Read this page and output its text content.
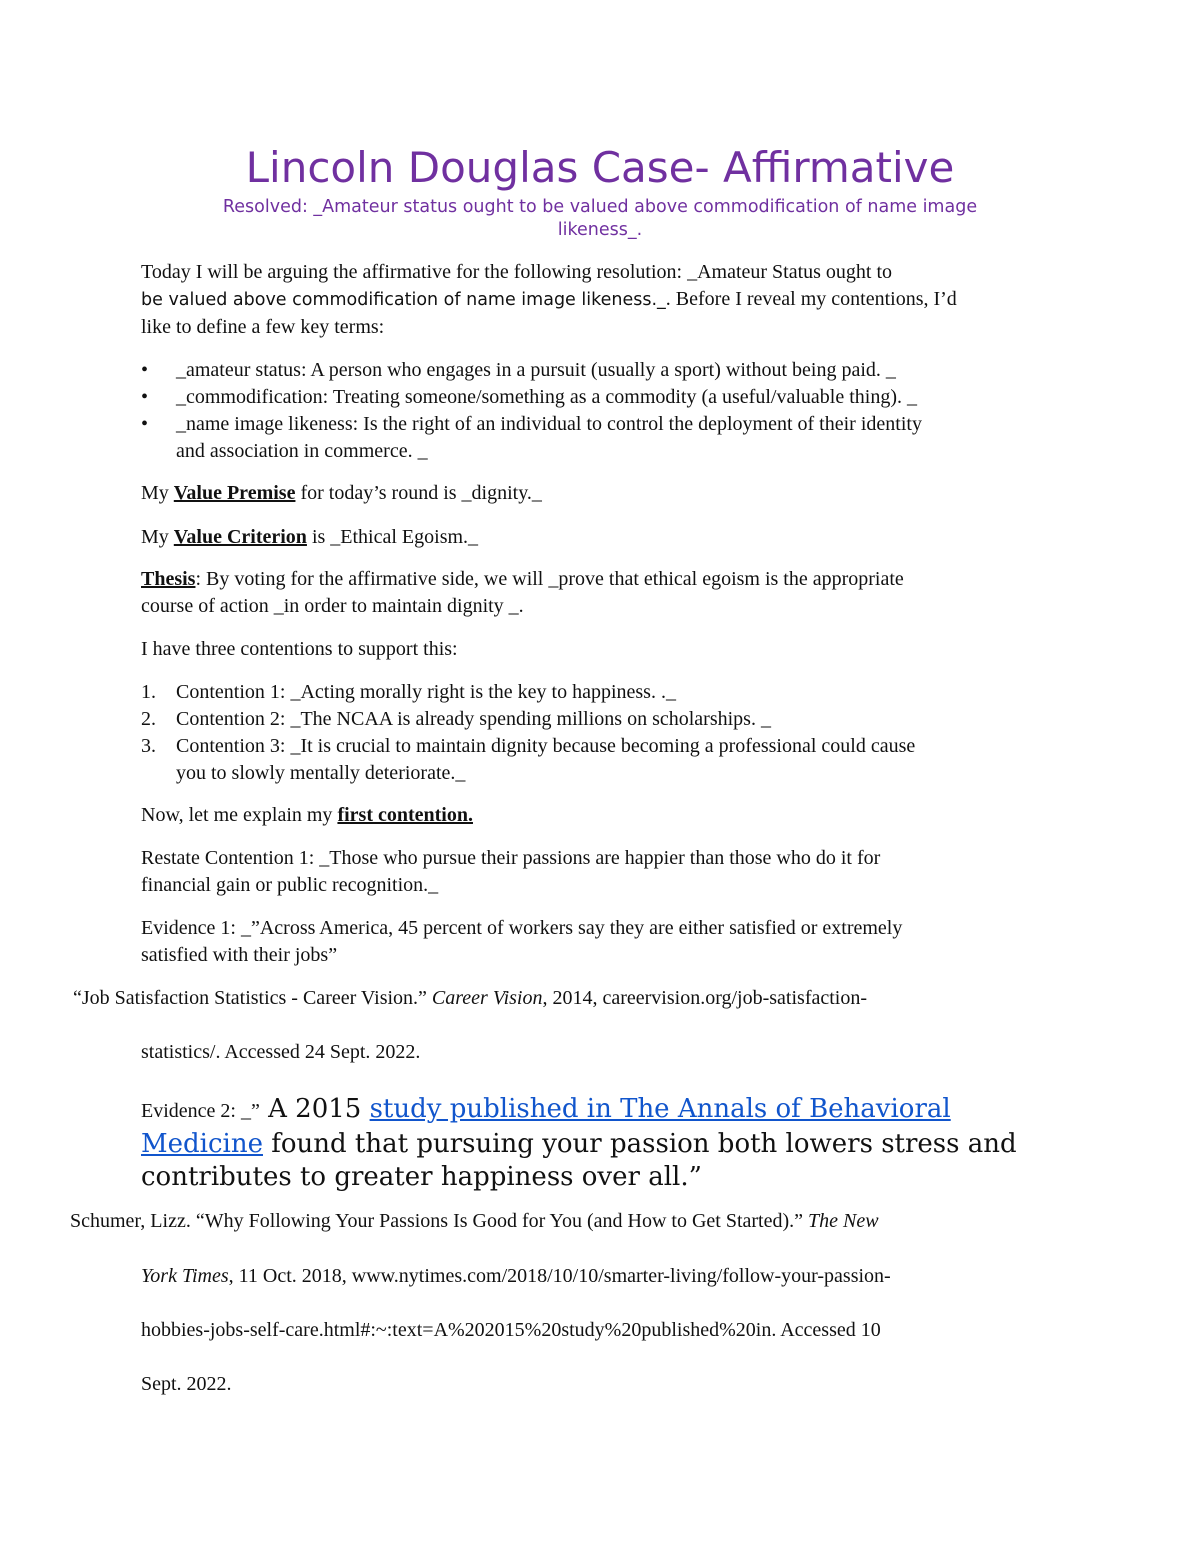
Lincoln Douglas Case- Affirmative
Resolved: _Amateur status ought to be valued above commodification of name image
likeness_.
Today I will be arguing the affirmative for the following resolution: _Amateur Status ought to
be valued above commodification of name image likeness._. Before I reveal my contentions, I’d
like to define a few key terms:
•	_amateur status: A person who engages in a pursuit (usually a sport) without being paid. _
•	_commodification: Treating someone/something as a commodity (a useful/valuable thing). _
•	_name image likeness: Is the right of an individual to control the deployment of their identity
and association in commerce. _
My Value Premise for today’s round is _dignity._
My Value Criterion is _Ethical Egoism._
Thesis: By voting for the affirmative side, we will _prove that ethical egoism is the appropriate
course of action _in order to maintain dignity _.
I have three contentions to support this:
1.	Contention 1: _Acting morally right is the key to happiness. ._
2.	Contention 2: _The NCAA is already spending millions on scholarships. _
3.	Contention 3: _It is crucial to maintain dignity because becoming a professional could cause
you to slowly mentally deteriorate._
Now, let me explain my first contention.
Restate Contention 1: _Those who pursue their passions are happier than those who do it for
financial gain or public recognition._
Evidence 1: _”Across America, 45 percent of workers say they are either satisfied or extremely
satisfied with their jobs”
“Job Satisfaction Statistics - Career Vision.” Career Vision, 2014, careervision.org/job-satisfaction-
statistics/. Accessed 24 Sept. 2022.
Evidence 2: _” A 2015 study published in The Annals of Behavioral
Medicine found that pursuing your passion both lowers stress and
contributes to greater happiness over all.”
Schumer, Lizz. “Why Following Your Passions Is Good for You (and How to Get Started).” The New
York Times, 11 Oct. 2018, www.nytimes.com/2018/10/10/smarter-living/follow-your-passion-
hobbies-jobs-self-care.html#:~:text=A%202015%20study%20published%20in. Accessed 10
Sept. 2022.
